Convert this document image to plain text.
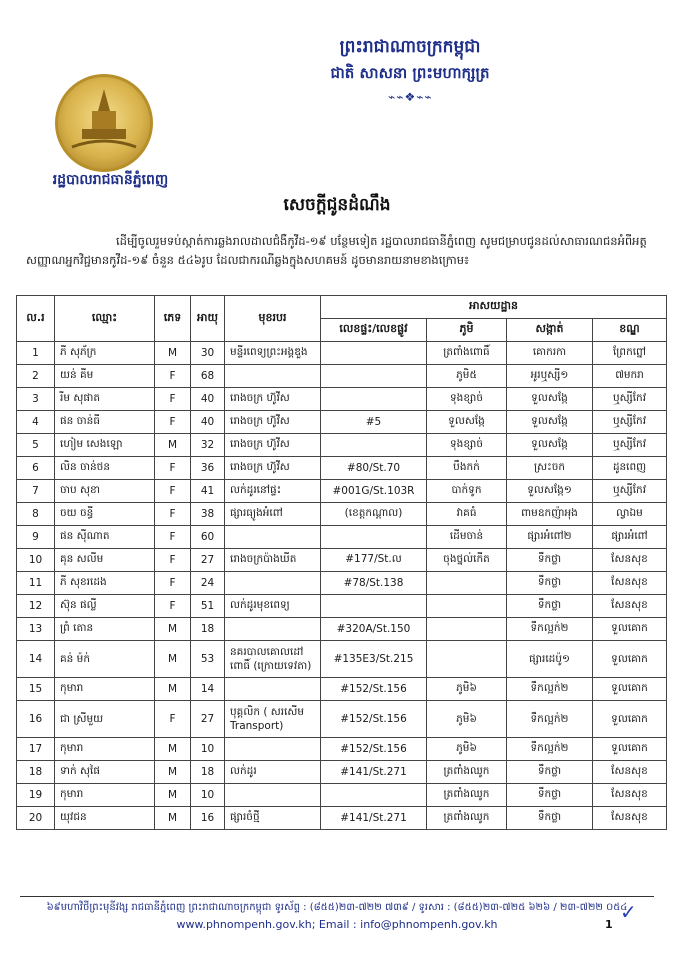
ព្រះរាជាណាចក្រកម្ពុជា
ជាតិ សាសនា ព្រះមហាក្សត្រ
⌁⌁❖⌁⌁
រដ្ឋបាលរាជធានីភ្នំពេញ
សេចក្តីជូនដំណឹង
ដើម្បីចូលរួមទប់ស្កាត់ការឆ្លងរាលដាលជំងឺកូវីដ-១៩ បន្ថែមទៀត រដ្ឋបាលរាជធានីភ្នំពេញ សូមជម្រាបជូនដល់សាធារណជនអំពីអត្តសញ្ញាណអ្នកវិជ្ជមានកូវីដ-១៩ ចំនួន ៥៤៦រូប ដែលជាករណីឆ្លងក្នុងសហគមន៍ ដូចមានរាយនាមខាងក្រោម៖
ល.រ	ឈ្មោះ	ភេទ	អាយុ	មុខរបរ	អាសយដ្ឋាន			
					លេខផ្ទះ/លេខផ្លូវ	ភូមិ	សង្កាត់	ខណ្ឌ
1	ភី សុភ័ក្រ	M	30	មន្ទីរពេទ្យព្រះអង្គឌួង		ត្រពាំងពោធិ៍	គោករកា	ព្រែកព្នៅ
2	យន់ គីម	F	68			ភូមិ៥	អូរឬស្សី១	៧មករា
3	រីម សុផាត	F	40	រោងចក្រ ហ៊ូវីស		ទុងខ្សាច់	ទួលសង្កែ	ឬស្សីកែវ
4	ផន ចាន់ធី	F	40	រោងចក្រ ហ៊ូវីស	#5	ទួលសង្កែ	ទួលសង្កែ	ឬស្សីកែវ
5	ហៀម សេងឡោ	M	32	រោងចក្រ ហ៊ូវីស		ទុងខ្សាច់	ទួលសង្កែ	ឬស្សីកែវ
6	លិន ចាន់ថន	F	36	រោងចក្រ ហ៊ូវីស	#80/St.70	បឹងកក់	ស្រះចក	ដូនពេញ
7	ចាប សុខា	F	41	លក់ដូរនៅផ្ទះ	#001G/St.103R	បាក់ទូក	ទួលសង្កែ១	ឬស្សីកែវ
8	ចយ ចន្ធី	F	38	ផ្សារធ្យូងអំពៅ	(ខេត្តកណ្តាល)	វាគធំ	ពាមឧកញ៉ាអុង	ល្វាឯម
9	ផន ស៊ីណាត	F	60			ដើមចាន់	ផ្សារអំពៅ២	ផ្សារអំពៅ
10	គុន សលីម	F	27	រោងចក្រប៉ាងឃីត	#177/St.ល	ចុងថ្នល់កើត	ទឹកថ្លា	សែនសុខ
11	ភី សុខរដេង	F	24		#78/St.138		ទឹកថ្លា	សែនសុខ
12	ស៊ុន ផល្លី	F	51	លក់ដូរមុខពេទ្យ			ទឹកថ្លា	សែនសុខ
13	ព្រំ តោន	M	18		#320A/St.150		ទឹកល្អក់២	ទួលគោក
14	គន់ ម៉ក់	M	53	នគរបាលគោលដៅពោធិ៍ (ក្រោយទេវតា)	#135E3/St.215		ផ្សារដេប៉ូ១	ទួលគោក
15	កុមារា	M	14		#152/St.156	ភូមិ៦	ទឹកល្អក់២	ទួលគោក
16	ជា ស្រីមួយ	F	27	បុគ្គលិក ( សរសើម Transport)	#152/St.156	ភូមិ៦	ទឹកល្អក់២	ទួលគោក
17	កុមារា	M	10		#152/St.156	ភូមិ៦	ទឹកល្អក់២	ទួលគោក
18	ទាក់ សុផៃ	M	18	លក់ដូរ	#141/St.271	ត្រពាំងឈូក	ទឹកថ្លា	សែនសុខ
19	កុមារា	M	10			ត្រពាំងឈូក	ទឹកថ្លា	សែនសុខ
20	យុវជន	M	16	ផ្សារចំថ្មី	#141/St.271	ត្រពាំងឈូក	ទឹកថ្លា	សែនសុខ
៦៩មហាវិថីព្រះមុនីវង្ស រាជធានីភ្នំពេញ ព្រះរាជាណាចក្រកម្ពុជា ទូរស័ព្ទ : (៨៥៥)២៣-៧២២ ៧៣៩ / ទូរសារ : (៨៥៥)២៣-៧២៥ ៦២៦ / ២៣-៧២២ ០៥៤
www.phnompenh.gov.kh; Email : info@phnompenh.gov.kh	1
✓
